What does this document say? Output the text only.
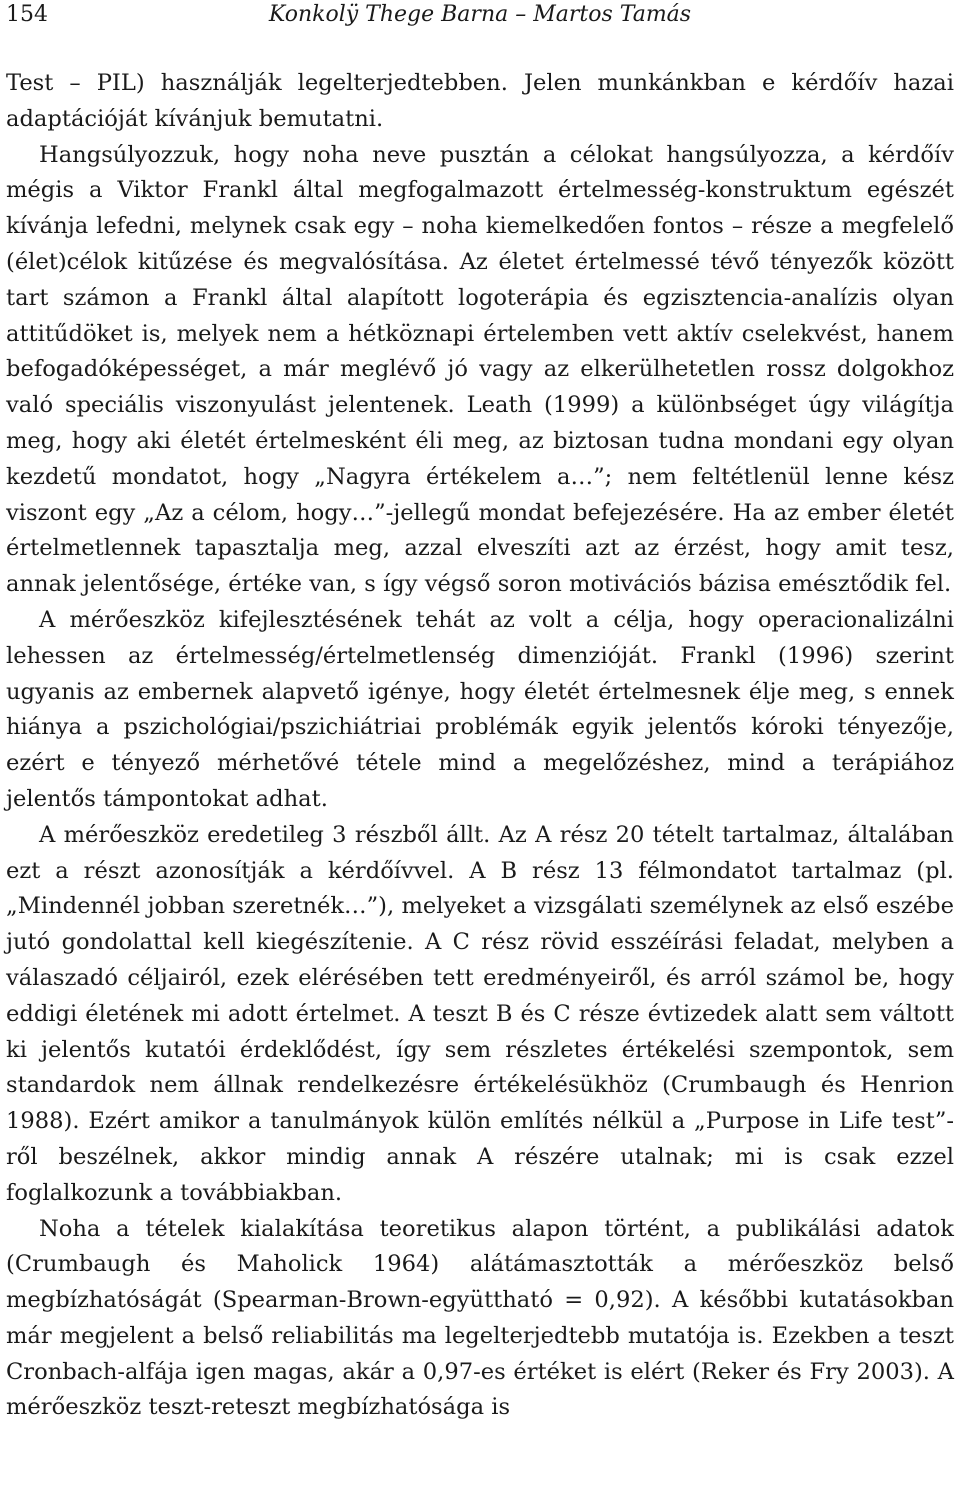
154	Konkolÿ Thege Barna – Martos Tamás

Test – PIL) használják legelterjedtebben. Jelen munkánkban e kérdőív hazai adaptációját kívánjuk bemutatni.

Hangsúlyozzuk, hogy noha neve pusztán a célokat hangsúlyozza, a kérdőív mégis a Viktor Frankl által megfogalmazott értelmesség-konstruktum egészét kívánja lefedni, melynek csak egy – noha kiemelkedően fontos – része a megfelelő (élet)célok kitűzése és megvalósítása. Az életet értelmessé tévő tényezők között tart számon a Frankl által alapított logoterápia és egzisztencia-analízis olyan attitűdöket is, melyek nem a hétköznapi értelemben vett aktív cselekvést, hanem befogadóképességet, a már meglévő jó vagy az elkerülhetetlen rossz dolgokhoz való speciális viszonyulást jelentenek. Leath (1999) a különbséget úgy világítja meg, hogy aki életét értelmesként éli meg, az biztosan tudna mondani egy olyan kezdetű mondatot, hogy „Nagyra értékelem a…”; nem feltétlenül lenne kész viszont egy „Az a célom, hogy…”-jellegű mondat befejezésére. Ha az ember életét értelmetlennek tapasztalja meg, azzal elveszíti azt az érzést, hogy amit tesz, annak jelentősége, értéke van, s így végső soron motivációs bázisa emésztődik fel.

A mérőeszköz kifejlesztésének tehát az volt a célja, hogy operacionalizálni lehessen az értelmesség/értelmetlenség dimenzióját. Frankl (1996) szerint ugyanis az embernek alapvető igénye, hogy életét értelmesnek élje meg, s ennek hiánya a pszichológiai/pszichiátriai problémák egyik jelentős kóroki tényezője, ezért e tényező mérhetővé tétele mind a megelőzéshez, mind a terápiához jelentős támpontokat adhat.

A mérőeszköz eredetileg 3 részből állt. Az A rész 20 tételt tartalmaz, általában ezt a részt azonosítják a kérdőívvel. A B rész 13 félmondatot tartalmaz (pl. „Mindennél jobban szeretnék…”), melyeket a vizsgálati személynek az első eszébe jutó gondolattal kell kiegészítenie. A C rész rövid esszéírási feladat, melyben a válaszadó céljairól, ezek elérésében tett eredményeiről, és arról számol be, hogy eddigi életének mi adott értelmet. A teszt B és C része évtizedek alatt sem váltott ki jelentős kutatói érdeklődést, így sem részletes értékelési szempontok, sem standardok nem állnak rendelkezésre értékelésükhöz (Crumbaugh és Henrion 1988). Ezért amikor a tanulmányok külön említés nélkül a „Purpose in Life test”-ről beszélnek, akkor mindig annak A részére utalnak; mi is csak ezzel foglalkozunk a továbbiakban.

Noha a tételek kialakítása teoretikus alapon történt, a publikálási adatok (Crumbaugh és Maholick 1964) alátámasztották a mérőeszköz belső megbízhatóságát (Spearman-Brown-együttható = 0,92). A későbbi kutatásokban már megjelent a belső reliabilitás ma legelterjedtebb mutatója is. Ezekben a teszt Cronbach-alfája igen magas, akár a 0,97-es értéket is elért (Reker és Fry 2003). A mérőeszköz teszt-reteszt megbízhatósága is
